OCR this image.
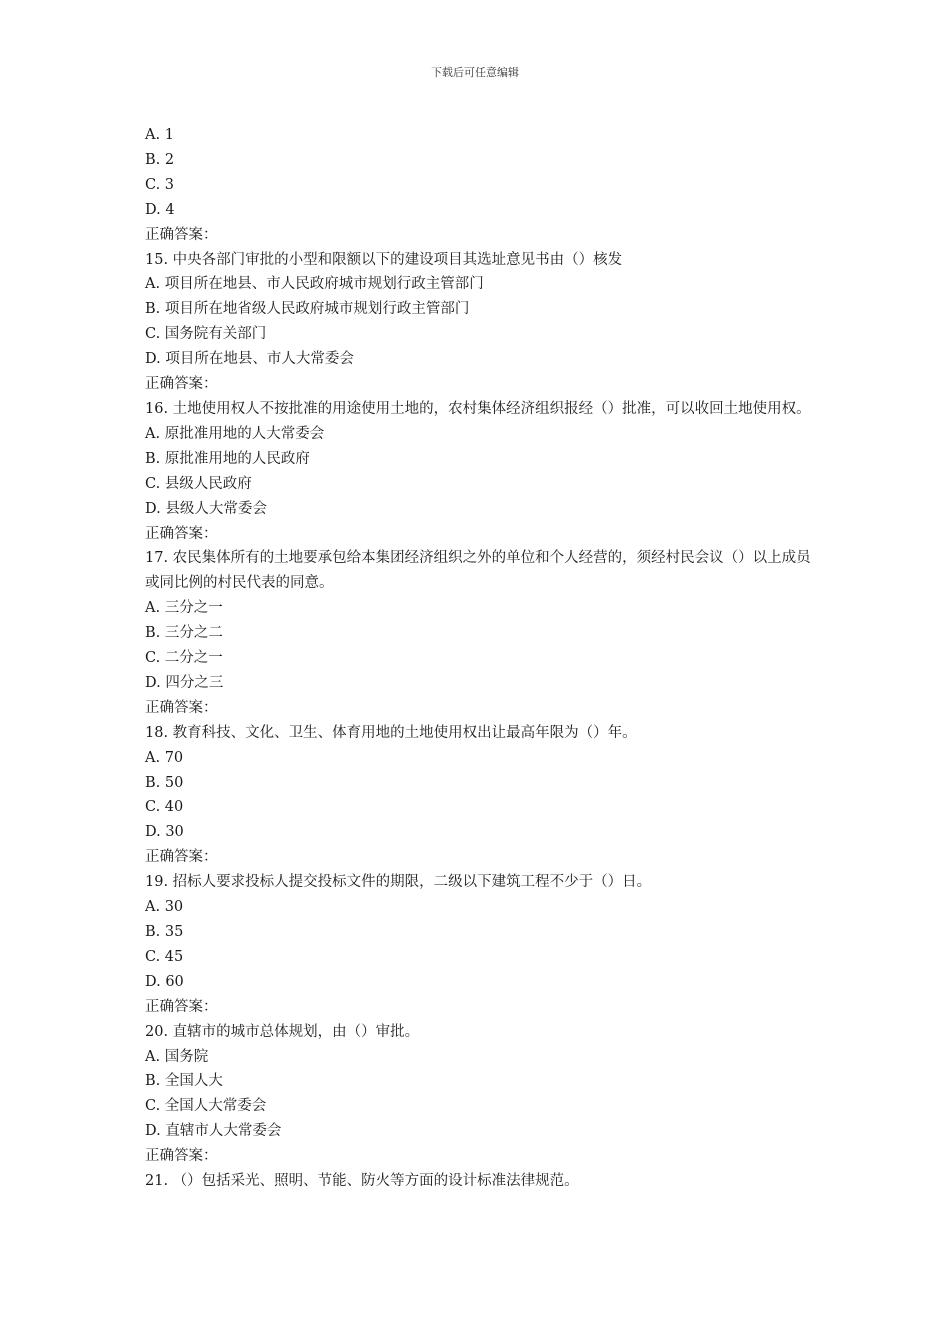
下载后可任意编辑
A. 1
B. 2
C. 3
D. 4
正确答案：
15. 中央各部门审批的小型和限额以下的建设项目其选址意见书由（）核发
A. 项目所在地县、市人民政府城市规划行政主管部门
B. 项目所在地省级人民政府城市规划行政主管部门
C. 国务院有关部门
D. 项目所在地县、市人大常委会
正确答案：
16. 土地使用权人不按批准的用途使用土地的，农村集体经济组织报经（）批准，可以收回土地使用权。
A. 原批准用地的人大常委会
B. 原批准用地的人民政府
C. 县级人民政府
D. 县级人大常委会
正确答案：
17. 农民集体所有的土地要承包给本集团经济组织之外的单位和个人经营的，须经村民会议（）以上成员或同比例的村民代表的同意。
A. 三分之一
B. 三分之二
C. 二分之一
D. 四分之三
正确答案：
18. 教育科技、文化、卫生、体育用地的土地使用权出让最高年限为（）年。
A. 70
B. 50
C. 40
D. 30
正确答案：
19. 招标人要求投标人提交投标文件的期限，二级以下建筑工程不少于（）日。
A. 30
B. 35
C. 45
D. 60
正确答案：
20. 直辖市的城市总体规划，由（）审批。
A. 国务院
B. 全国人大
C. 全国人大常委会
D. 直辖市人大常委会
正确答案：
21. （）包括采光、照明、节能、防火等方面的设计标准法律规范。
